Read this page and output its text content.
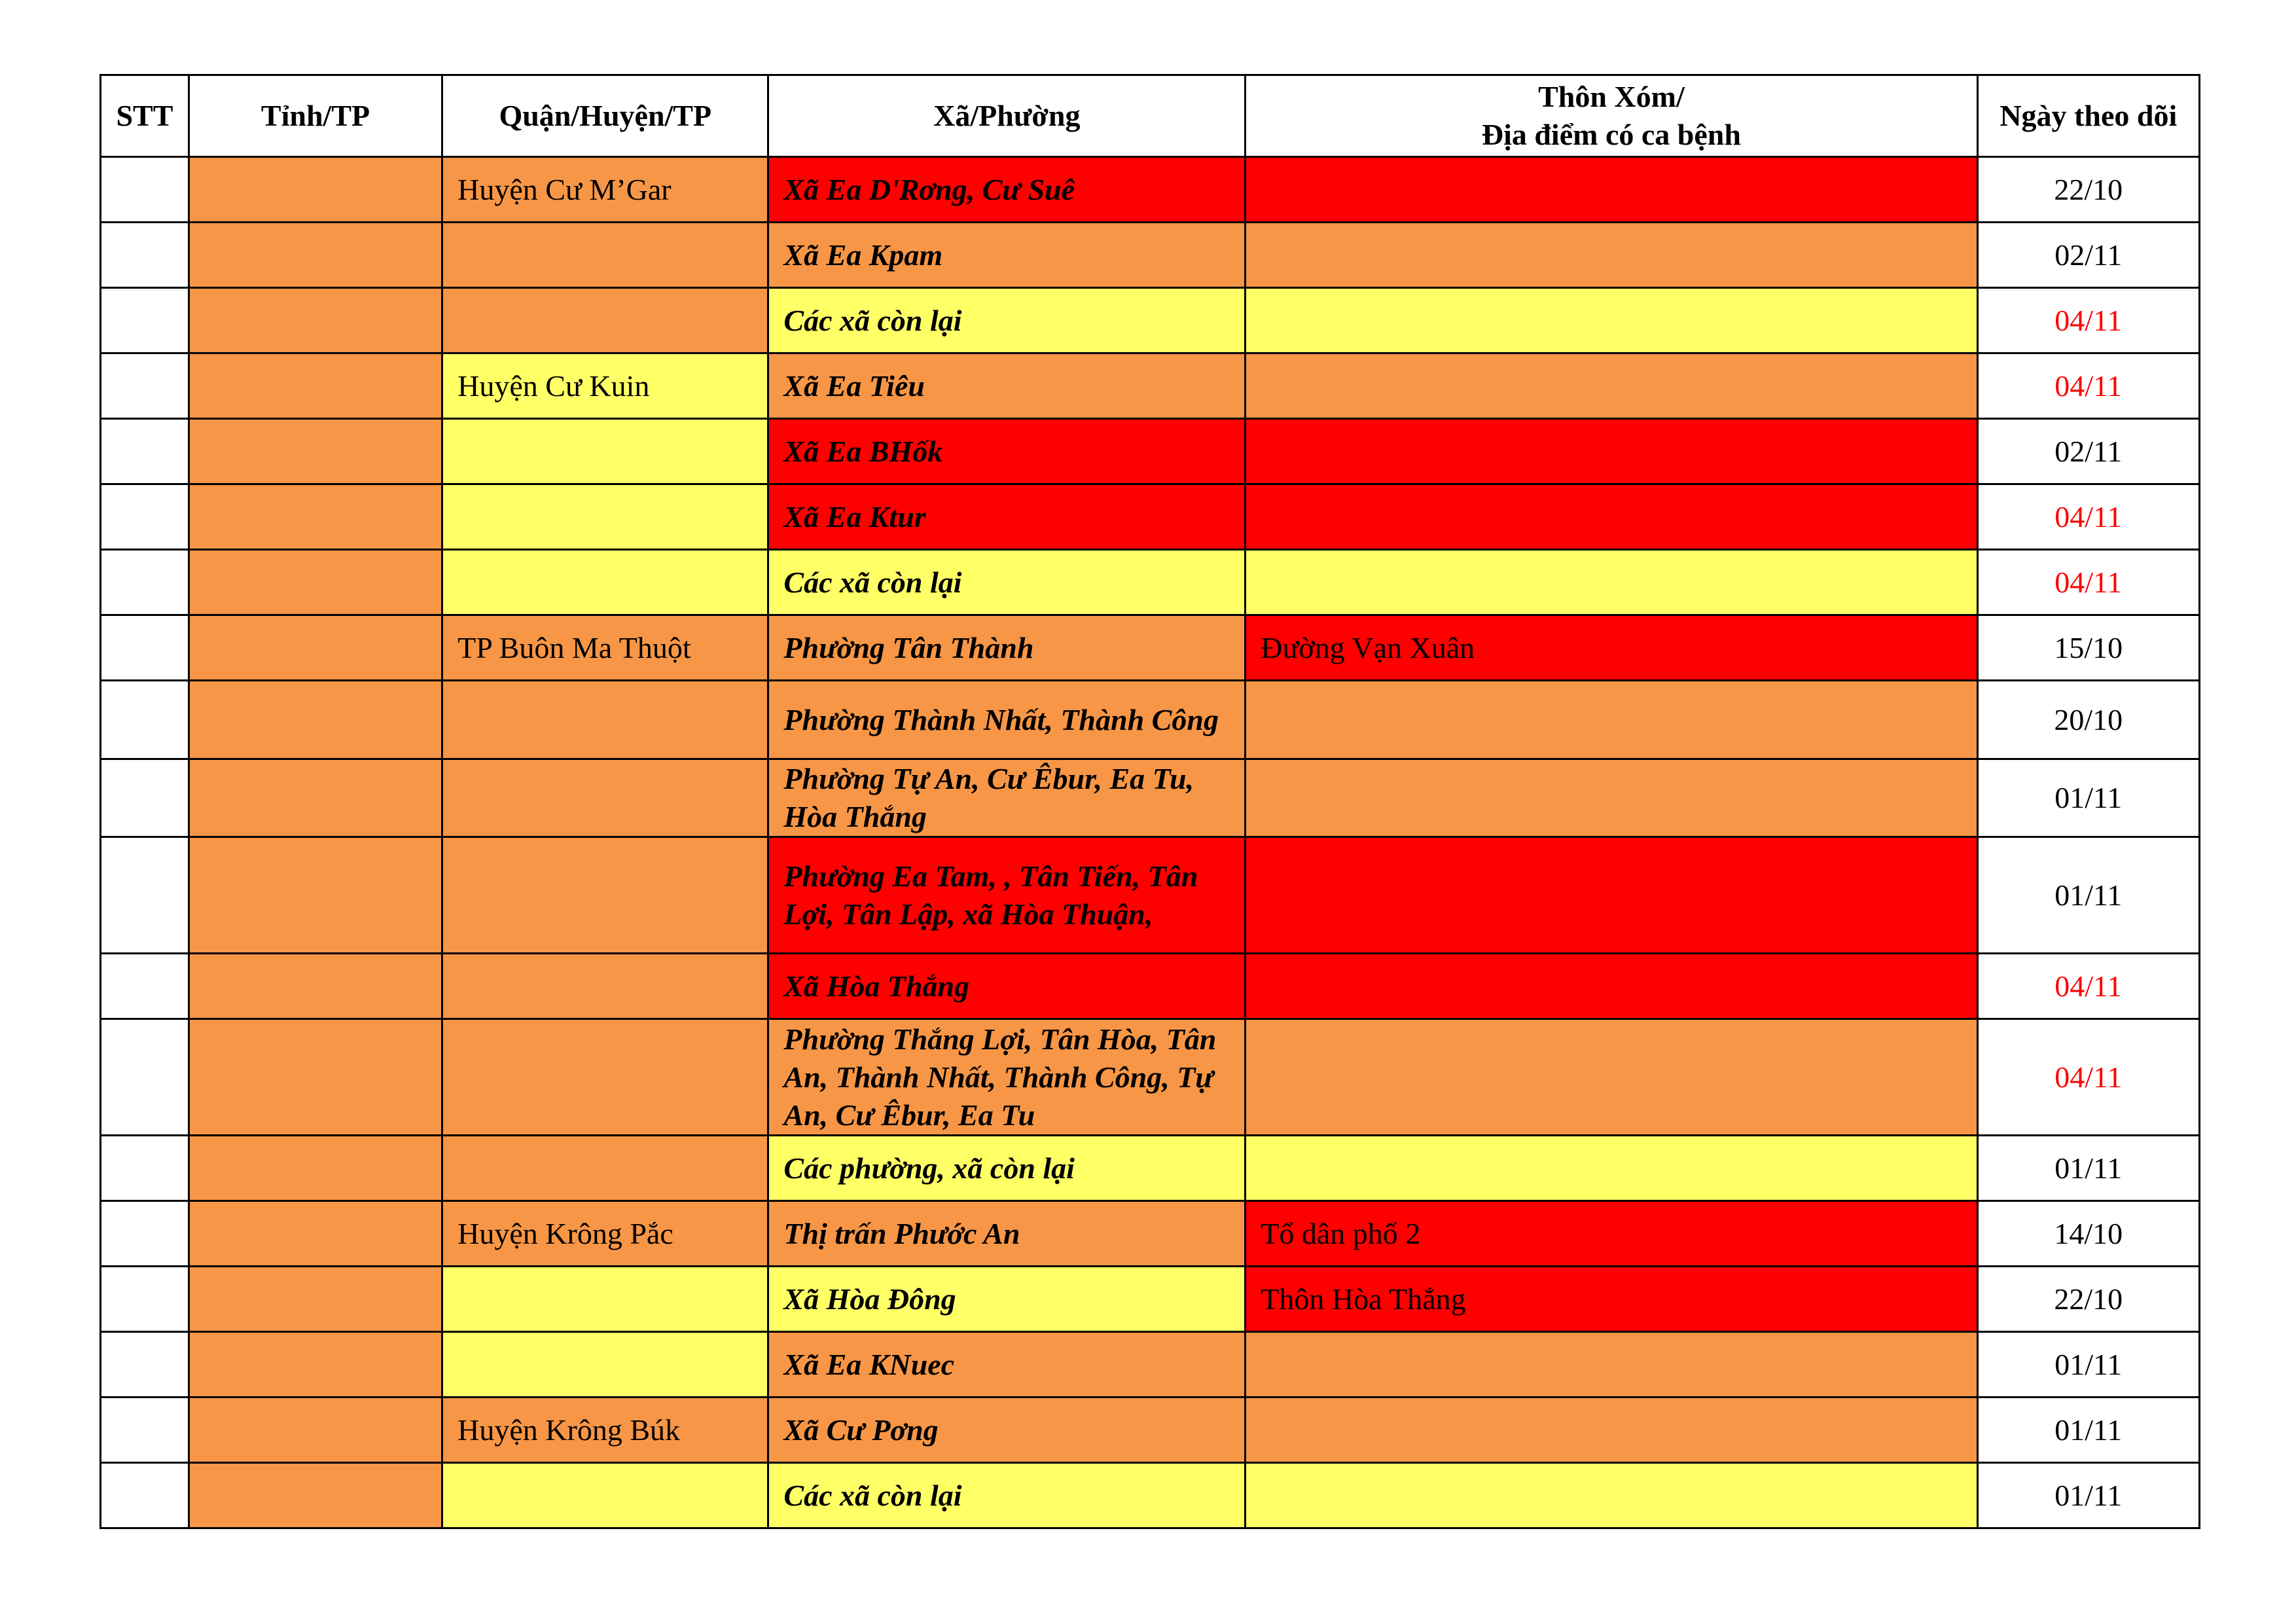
STT	Tỉnh/TP	Quận/Huyện/TP	Xã/Phường	Thôn Xóm/
Địa điểm có ca bệnh	Ngày theo dõi
		Huyện Cư M’Gar	Xã Ea D'Rơng, Cư Suê		22/10
			Xã Ea Kpam		02/11
			Các xã còn lại		04/11
		Huyện Cư Kuin	Xã Ea Tiêu		04/11
			Xã Ea BHốk		02/11
			Xã Ea Ktur		04/11
			Các xã còn lại		04/11
		TP Buôn Ma Thuột	Phường Tân Thành	Đường Vạn Xuân	15/10
			Phường Thành Nhất, Thành Công		20/10
			Phường Tự An, Cư Êbur, Ea Tu, Hòa Thắng		01/11
			Phường Ea Tam, , Tân Tiến, Tân Lợi, Tân Lập, xã Hòa Thuận,		01/11
			Xã Hòa Thắng		04/11
			Phường Thắng Lợi, Tân Hòa, Tân An, Thành Nhất, Thành Công, Tự An, Cư Êbur, Ea Tu		04/11
			Các phường, xã còn lại		01/11
		Huyện Krông Pắc	Thị trấn Phước An	Tổ dân phố 2	14/10
			Xã Hòa Đông	Thôn Hòa Thắng	22/10
			Xã Ea KNuec		01/11
		Huyện Krông Búk	Xã Cư Pơng		01/11
			Các xã còn lại		01/11
